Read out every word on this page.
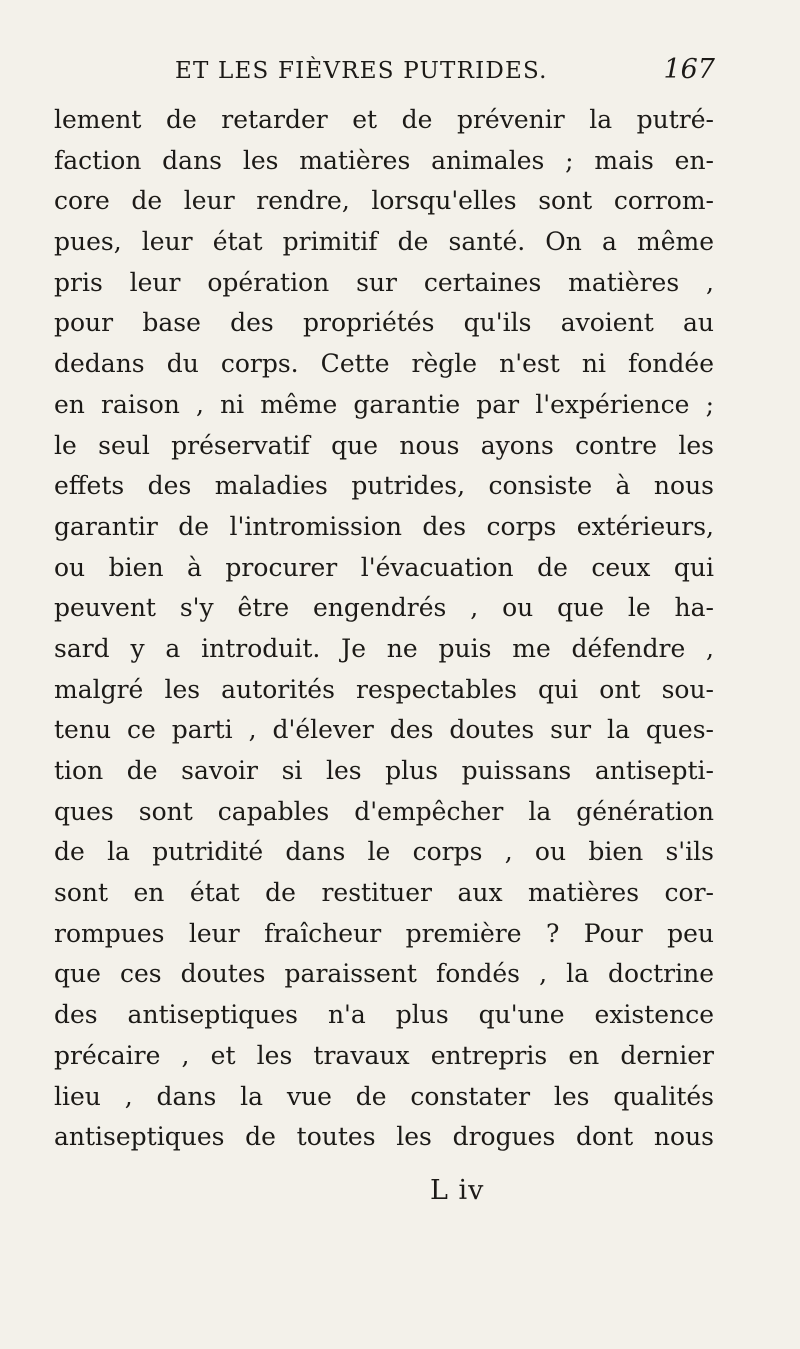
ET LES FIÈVRES PUTRIDES.	167
lement de retarder et de prévenir la putré-
faction dans les matières animales ; mais en-
core de leur rendre, lorsqu'elles sont corrom-
pues, leur état primitif de santé. On a même
pris leur opération sur certaines matières ,
pour base des propriétés qu'ils avoient au
dedans du corps. Cette règle n'est ni fondée
en raison , ni même garantie par l'expérience ;
le seul préservatif que nous ayons contre les
effets des maladies putrides, consiste à nous
garantir de l'intromission des corps extérieurs,
ou bien à procurer l'évacuation de ceux qui
peuvent s'y être engendrés , ou que le ha-
sard y a introduit. Je ne puis me défendre ,
malgré les autorités respectables qui ont sou-
tenu ce parti , d'élever des doutes sur la ques-
tion de savoir si les plus puissans antisepti-
ques sont capables d'empêcher la génération
de la putridité dans le corps , ou bien s'ils
sont en état de restituer aux matières cor-
rompues leur fraîcheur première ? Pour peu
que ces doutes paraissent fondés , la doctrine
des antiseptiques n'a plus qu'une existence
précaire , et les travaux entrepris en dernier
lieu , dans la vue de constater les qualités
antiseptiques de toutes les drogues dont nous
L iv
